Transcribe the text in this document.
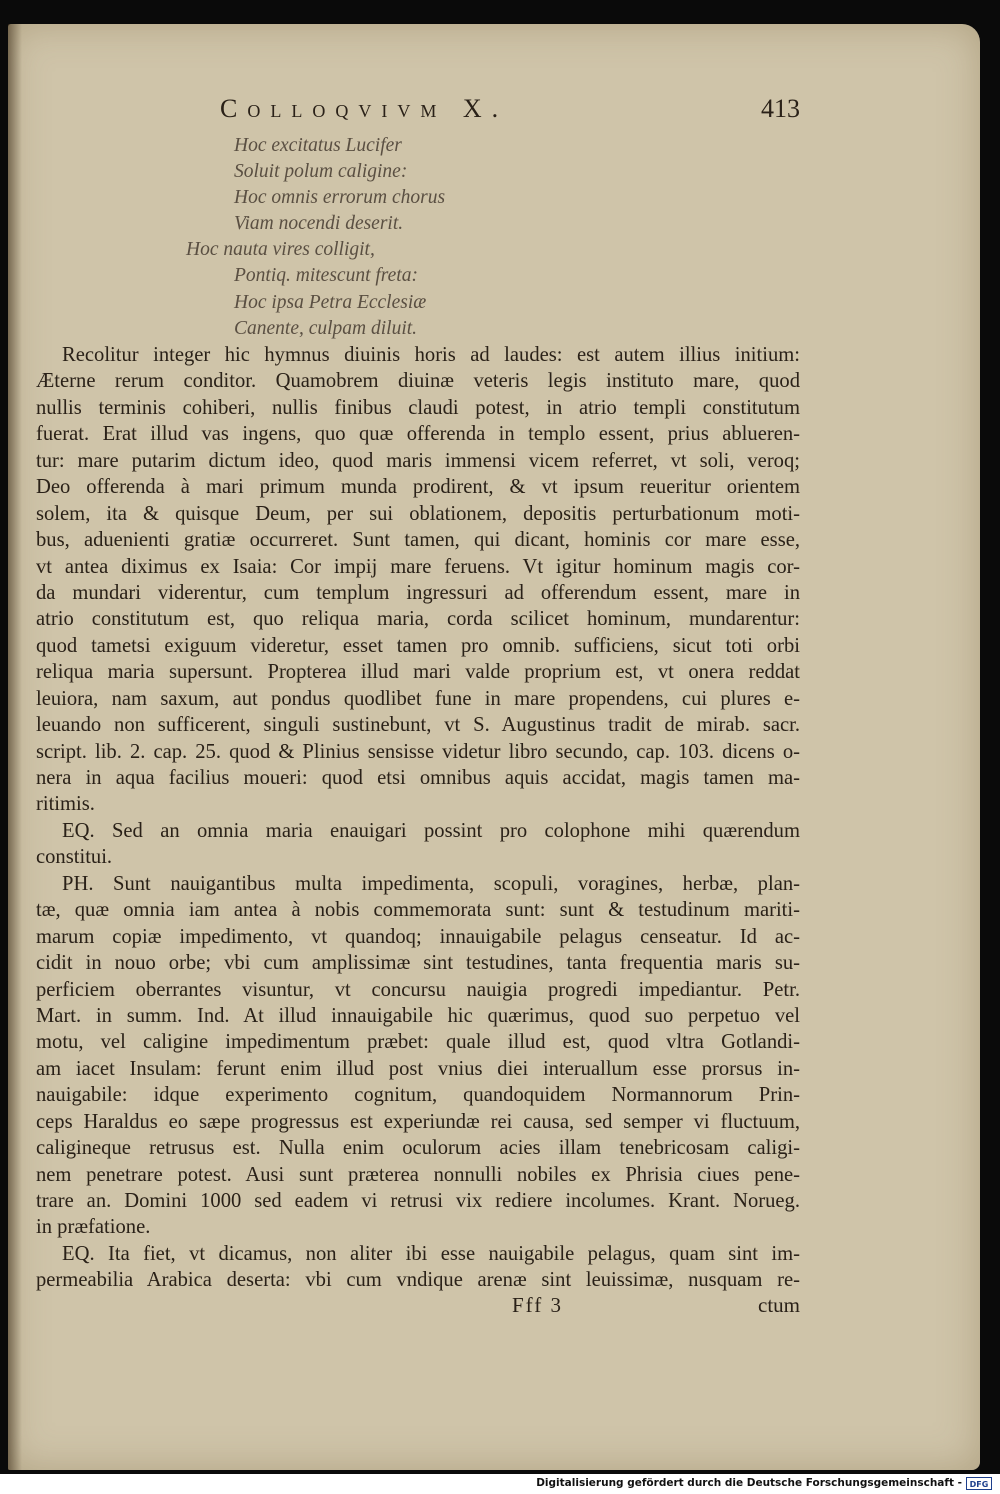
Colloqvivm X.	413
Hoc excitatus Lucifer
Soluit polum caligine:
Hoc omnis errorum chorus
Viam nocendi deserit.
Hoc nauta vires colligit,
Pontiq. mitescunt freta:
Hoc ipsa Petra Ecclesiæ
Canente, culpam diluit.
Recolitur integer hic hymnus diuinis horis ad laudes: est autem illius initium:
Æterne rerum conditor. Quamobrem diuinæ veteris legis instituto mare, quod
nullis terminis cohiberi, nullis finibus claudi potest, in atrio templi constitutum
fuerat. Erat illud vas ingens, quo quæ offerenda in templo essent, prius ablueren-
tur: mare putarim dictum ideo, quod maris immensi vicem referret, vt soli, veroq;
Deo offerenda à mari primum munda prodirent, & vt ipsum reueritur orientem
solem, ita & quisque Deum, per sui oblationem, depositis perturbationum moti-
bus, aduenienti gratiæ occurreret. Sunt tamen, qui dicant, hominis cor mare esse,
vt antea diximus ex Isaia: Cor impij mare feruens. Vt igitur hominum magis cor-
da mundari viderentur, cum templum ingressuri ad offerendum essent, mare in
atrio constitutum est, quo reliqua maria, corda scilicet hominum, mundarentur:
quod tametsi exiguum videretur, esset tamen pro omnib. sufficiens, sicut toti orbi
reliqua maria supersunt. Propterea illud mari valde proprium est, vt onera reddat
leuiora, nam saxum, aut pondus quodlibet fune in mare propendens, cui plures e-
leuando non sufficerent, singuli sustinebunt, vt S. Augustinus tradit de mirab. sacr.
script. lib. 2. cap. 25. quod & Plinius sensisse videtur libro secundo, cap. 103. dicens o-
nera in aqua facilius moueri: quod etsi omnibus aquis accidat, magis tamen ma-
ritimis.
EQ. Sed an omnia maria enauigari possint pro colophone mihi quærendum
constitui.
PH. Sunt nauigantibus multa impedimenta, scopuli, voragines, herbæ, plan-
tæ, quæ omnia iam antea à nobis commemorata sunt: sunt & testudinum mariti-
marum copiæ impedimento, vt quandoq; innauigabile pelagus censeatur. Id ac-
cidit in nouo orbe; vbi cum amplissimæ sint testudines, tanta frequentia maris su-
perficiem oberrantes visuntur, vt concursu nauigia progredi impediantur. Petr.
Mart. in summ. Ind. At illud innauigabile hic quærimus, quod suo perpetuo vel
motu, vel caligine impedimentum præbet: quale illud est, quod vltra Gotlandi-
am iacet Insulam: ferunt enim illud post vnius diei interuallum esse prorsus in-
nauigabile: idque experimento cognitum, quandoquidem Normannorum Prin-
ceps Haraldus eo sæpe progressus est experiundæ rei causa, sed semper vi fluctuum,
caligineque retrusus est. Nulla enim oculorum acies illam tenebricosam caligi-
nem penetrare potest. Ausi sunt præterea nonnulli nobiles ex Phrisia ciues pene-
trare an. Domini 1000 sed eadem vi retrusi vix rediere incolumes. Krant. Norueg.
in præfatione.
EQ. Ita fiet, vt dicamus, non aliter ibi esse nauigabile pelagus, quam sint im-
permeabilia Arabica deserta: vbi cum vndique arenæ sint leuissimæ, nusquam re-
Fff 3	ctum
Digitalisierung gefördert durch die Deutsche Forschungsgemeinschaft - DFG
